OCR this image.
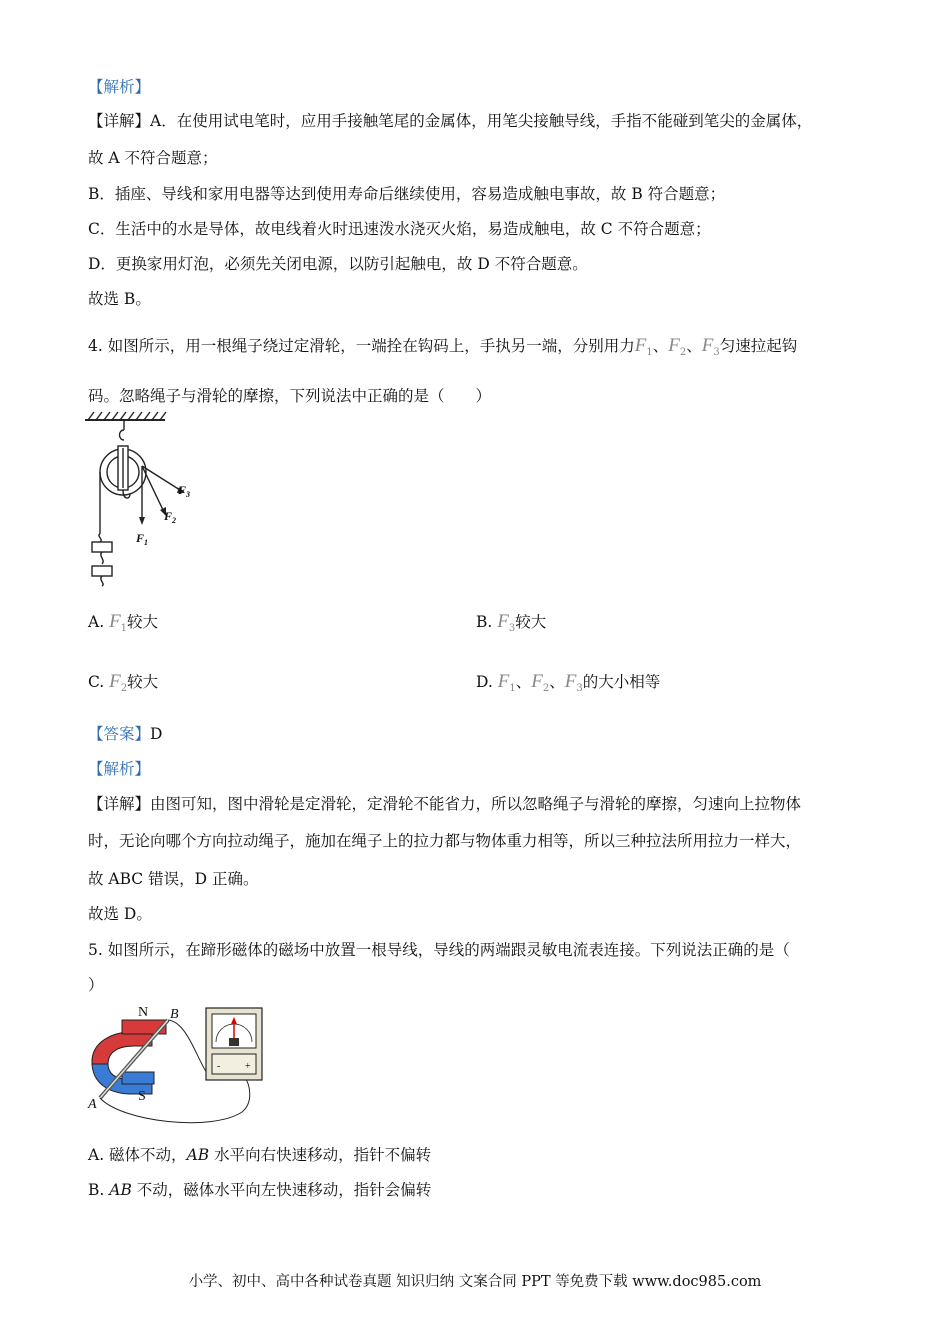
【解析】
【详解】A．在使用试电笔时，应用手接触笔尾的金属体，用笔尖接触导线，手指不能碰到笔尖的金属体，
故 A 不符合题意；
B．插座、导线和家用电器等达到使用寿命后继续使用，容易造成触电事故，故 B 符合题意；
C．生活中的水是导体，故电线着火时迅速泼水浇灭火焰，易造成触电，故 C 不符合题意；
D．更换家用灯泡，必须先关闭电源，以防引起触电，故 D 不符合题意。
故选 B。
4. 如图所示，用一根绳子绕过定滑轮，一端拴在钩码上，手执另一端，分别用力$F_1$、$F_2$、$F_3$匀速拉起钩
码。忽略绳子与滑轮的摩擦，下列说法中正确的是（　　）
$F_3$
$F_2$
$F_1$
A. $F_1$较大	B. $F_3$较大
C. $F_2$较大	D. $F_1$、$F_2$、$F_3$的大小相等
【答案】D
【解析】
【详解】由图可知，图中滑轮是定滑轮，定滑轮不能省力，所以忽略绳子与滑轮的摩擦，匀速向上拉物体
时，无论向哪个方向拉动绳子，施加在绳子上的拉力都与物体重力相等，所以三种拉法所用拉力一样大，
故 ABC 错误，D 正确。
故选 D。
5. 如图所示，在蹄形磁体的磁场中放置一根导线，导线的两端跟灵敏电流表连接。下列说法正确的是（
）
- +
N
S
A
B
A. 磁体不动，AB 水平向右快速移动，指针不偏转
B. AB 不动，磁体水平向左快速移动，指针会偏转
小学、初中、高中各种试卷真题 知识归纳 文案合同 PPT 等免费下载 www.doc985.com
